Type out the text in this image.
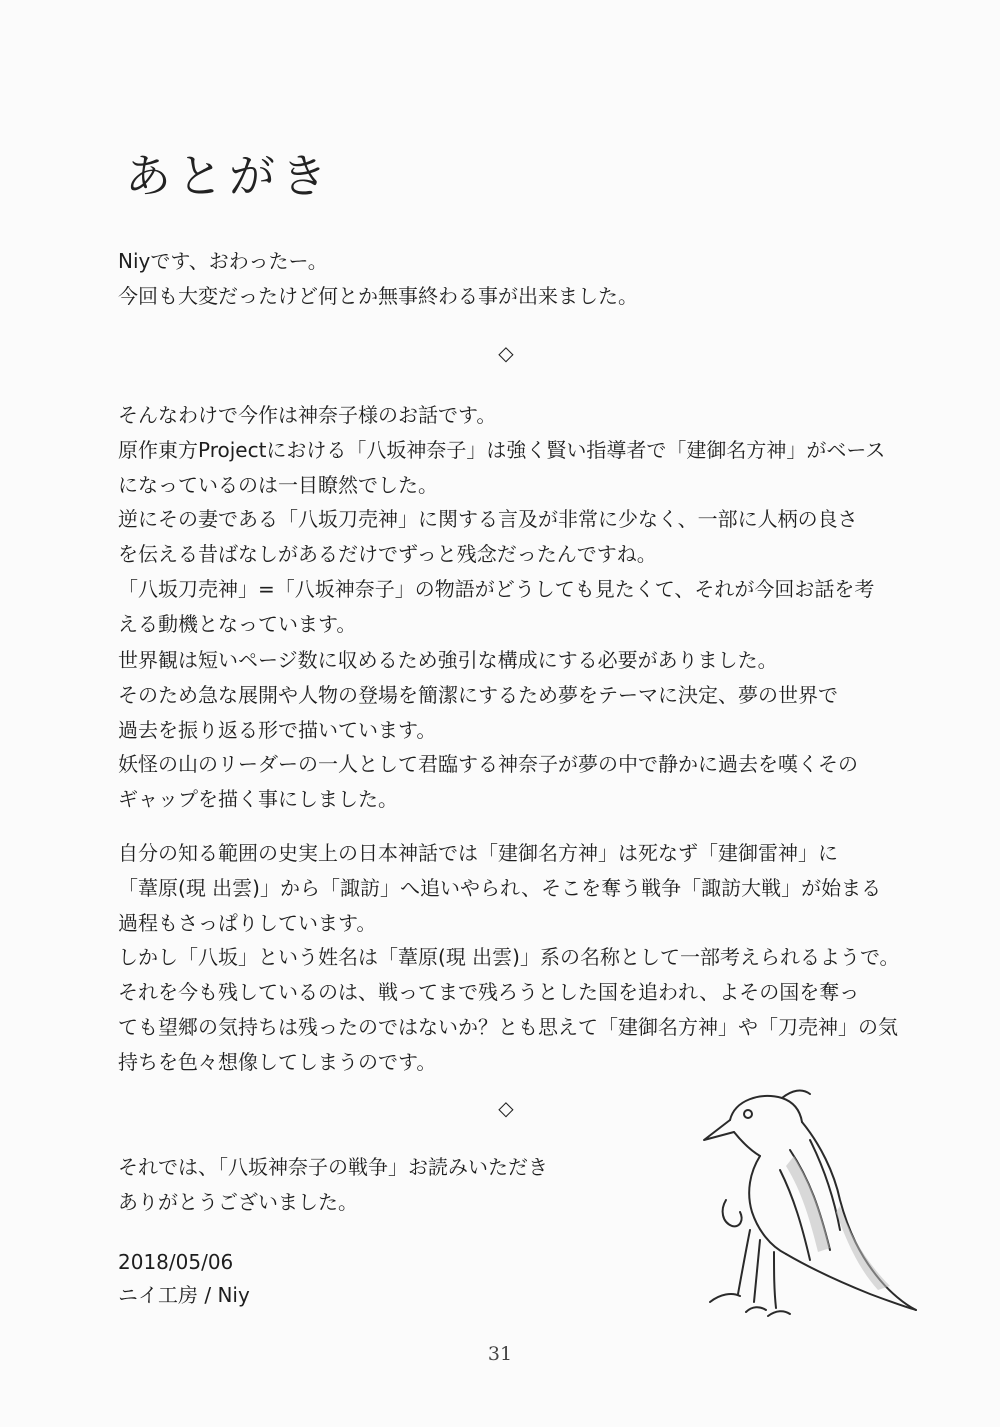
あとがき
Niyです、おわったー。
今回も大変だったけど何とか無事終わる事が出来ました。
◇
そんなわけで今作は神奈子様のお話です。
原作東方Projectにおける「八坂神奈子」は強く賢い指導者で「建御名方神」がベース
になっているのは一目瞭然でした。
逆にその妻である「八坂刀売神」に関する言及が非常に少なく、一部に人柄の良さ
を伝える昔ばなしがあるだけでずっと残念だったんですね。
「八坂刀売神」=「八坂神奈子」の物語がどうしても見たくて、それが今回お話を考
える動機となっています。
世界観は短いページ数に収めるため強引な構成にする必要がありました。
そのため急な展開や人物の登場を簡潔にするため夢をテーマに決定、夢の世界で
過去を振り返る形で描いています。
妖怪の山のリーダーの一人として君臨する神奈子が夢の中で静かに過去を嘆くその
ギャップを描く事にしました。
自分の知る範囲の史実上の日本神話では「建御名方神」は死なず「建御雷神」に
「葦原(現 出雲)」から「諏訪」へ追いやられ、そこを奪う戦争「諏訪大戦」が始まる
過程もさっぱりしています。
しかし「八坂」という姓名は「葦原(現 出雲)」系の名称として一部考えられるようで。
それを今も残しているのは、戦ってまで残ろうとした国を追われ、よその国を奪っ
ても望郷の気持ちは残ったのではないか？とも思えて「建御名方神」や「刀売神」の気
持ちを色々想像してしまうのです。
◇
それでは、「八坂神奈子の戦争」お読みいただき
ありがとうございました。
2018/05/06
ニイ工房 / Niy
31
